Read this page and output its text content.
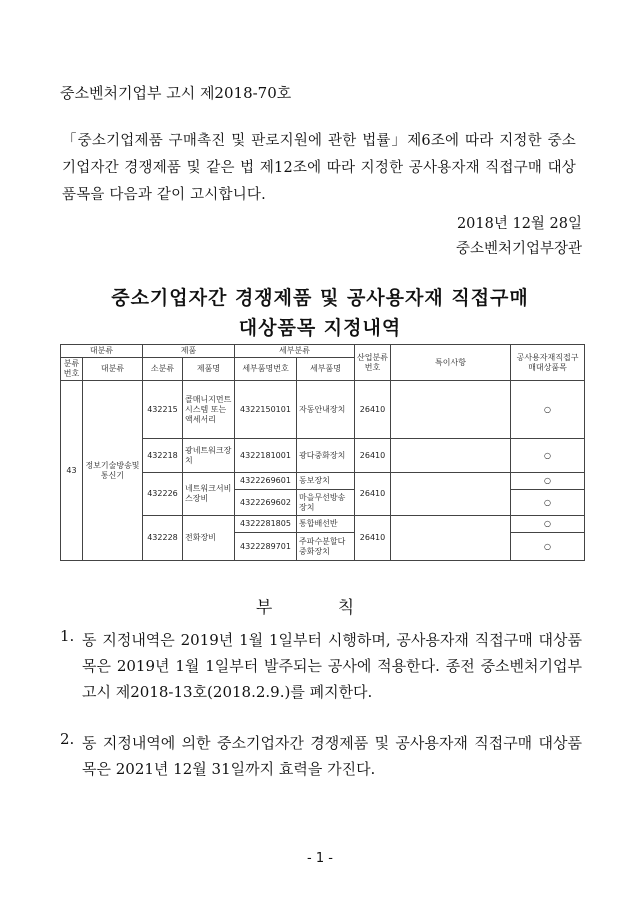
중소벤처기업부 고시 제2018-70호
「중소기업제품 구매촉진 및 판로지원에 관한 법률」제6조에 따라 지정한 중소기업자간 경쟁제품 및 같은 법 제12조에 따라 지정한 공사용자재 직접구매 대상품목을 다음과 같이 고시합니다.
2018년 12월 28일
중소벤처기업부장관
중소기업자간 경쟁제품 및 공사용자재 직접구매
대상품목 지정내역
대분류		제품		세부분류		산업분류번호	특이사항	공사용자재직접구매대상품목
분류번호	대분류	소분류	제품명	세부품명번호	세부품명			
43	정보기술방송및통신기	432215	콜매니지먼트 시스템 또는 액세서리	4322150101	자동안내장치	26410		○
		432218	광네트워크장치	4322181001	광다중화장치	26410		○
		432226	네트워크서비스장비	4322269601	동보장치	26410		○
				4322269602	마을무선방송장치			○
		432228	전화장비	4322281805	통합배선반	26410		○
				4322289701	주파수분할다중화장치			○
부 칙
1. 동 지정내역은 2019년 1월 1일부터 시행하며, 공사용자재 직접구매 대상품목은 2019년 1월 1일부터 발주되는 공사에 적용한다. 종전 중소벤처기업부 고시 제2018-13호(2018.2.9.)를 폐지한다.
2. 동 지정내역에 의한 중소기업자간 경쟁제품 및 공사용자재 직접구매 대상품목은 2021년 12월 31일까지 효력을 가진다.
- 1 -
